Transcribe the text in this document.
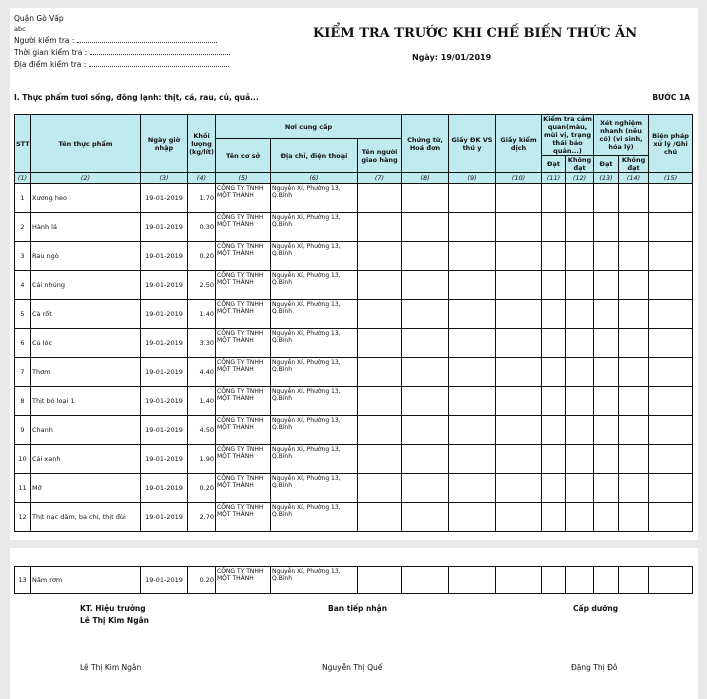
Quận Gò Vấp
abc
Người kiểm tra :
Thời gian kiểm tra :
Địa điểm kiểm tra :
KIỂM TRA TRƯỚC KHI CHẾ BIẾN THỨC ĂN
Ngày: 19/01/2019
I. Thực phẩm tươi sống, đông lạnh: thịt, cá, rau, củ, quả...	BƯỚC 1A
STT	Tên thực phẩm	Ngày giờ nhập	Khối lượng (kg/lít)	Nơi cung cấp			Chứng từ, Hoá đơn	Giấy ĐK VS thú y	Giấy kiểm dịch	Kiểm tra cảm quan(màu, mùi vị, trạng thái bảo quản...)		Xét nghiệm nhanh (nếu có) (vi sinh, hóa lý)		Biện pháp xử lý /Ghi chú
				Tên cơ sở	Địa chỉ, điện thoại	Tên người giao hàng								
										Đạt	Không đạt	Đạt	Không đạt	
(1)	(2)	(3)	(4)	(5)	(6)	(7)	(8)	(9)	(10)	(11)	(12)	(13)	(14)	(15)
1	Xương heo	19-01-2019	1.70	CÔNG TY TNHH MỘT THÀNH	Nguyễn Xí, Phường 13, Q.Bình									
2	Hành lá	19-01-2019	0.30	CÔNG TY TNHH MỘT THÀNH	Nguyễn Xí, Phường 13, Q.Bình									
3	Rau ngò	19-01-2019	0.20	CÔNG TY TNHH MỘT THÀNH	Nguyễn Xí, Phường 13, Q.Bình									
4	Cải nhúng	19-01-2019	2.50	CÔNG TY TNHH MỘT THÀNH	Nguyễn Xí, Phường 13, Q.Bình									
5	Cà rốt	19-01-2019	1.40	CÔNG TY TNHH MỘT THÀNH	Nguyễn Xí, Phường 13, Q.Bình									
6	Củ lóc	19-01-2019	3.30	CÔNG TY TNHH MỘT THÀNH	Nguyễn Xí, Phường 13, Q.Bình									
7	Thơm	19-01-2019	4.40	CÔNG TY TNHH MỘT THÀNH	Nguyễn Xí, Phường 13, Q.Bình									
8	Thịt bò loại 1	19-01-2019	1.40	CÔNG TY TNHH MỘT THÀNH	Nguyễn Xí, Phường 13, Q.Bình									
9	Chanh	19-01-2019	4.50	CÔNG TY TNHH MỘT THÀNH	Nguyễn Xí, Phường 13, Q.Bình									
10	Cải xanh	19-01-2019	1.90	CÔNG TY TNHH MỘT THÀNH	Nguyễn Xí, Phường 13, Q.Bình									
11	Mỡ	19-01-2019	0.20	CÔNG TY TNHH MỘT THÀNH	Nguyễn Xí, Phường 13, Q.Bình									
12	Thịt nạc dăm, ba chỉ, thịt đùi	19-01-2019	2.70	CÔNG TY TNHH MỘT THÀNH	Nguyễn Xí, Phường 13, Q.Bình									
13	Nấm rơm	19-01-2019	0.20	CÔNG TY TNHH MỘT THÀNH	Nguyễn Xí, Phường 13, Q.Bình									
KT. Hiệu trưởng
Lê Thị Kim Ngân
Ban tiếp nhận	Cấp dưỡng
Lê Thị Kim Ngân	Nguyễn Thị Quế	Đặng Thị Đô
